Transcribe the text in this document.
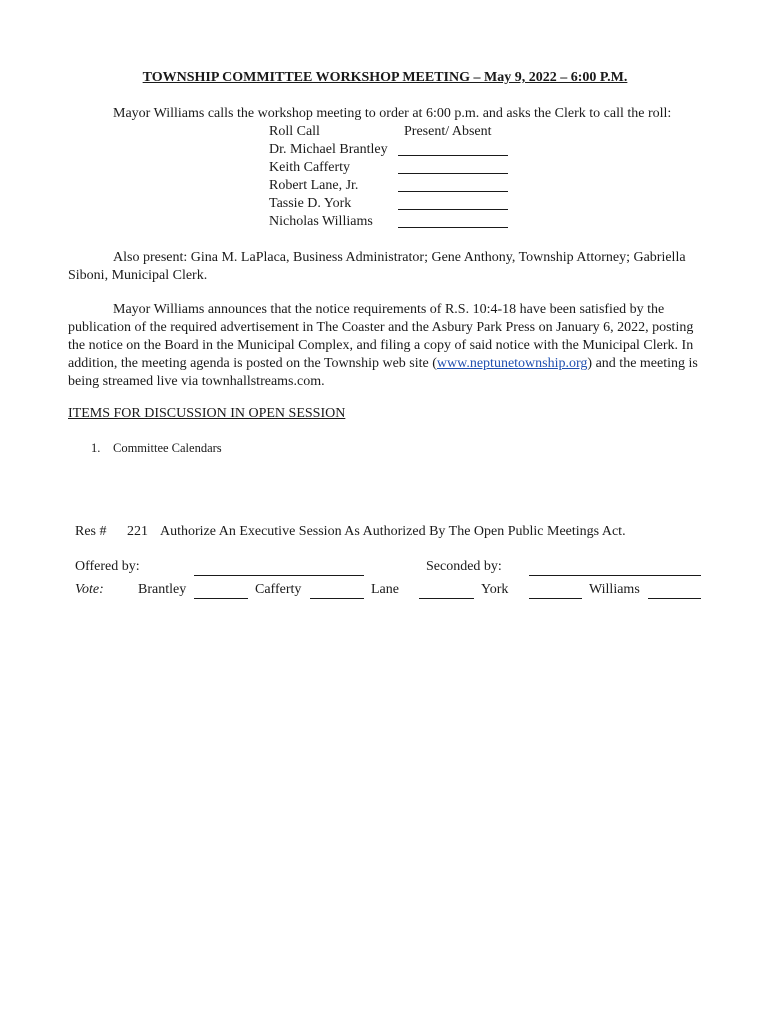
TOWNSHIP COMMITTEE WORKSHOP MEETING – May 9, 2022 – 6:00 P.M.
Mayor Williams calls the workshop meeting to order at 6:00 p.m. and asks the Clerk to call the roll:
Roll Call	Present/ Absent
Dr. Michael Brantley
Keith Cafferty
Robert Lane, Jr.
Tassie D. York
Nicholas Williams
Also present: Gina M. LaPlaca, Business Administrator; Gene Anthony, Township Attorney; Gabriella Siboni, Municipal Clerk.
Mayor Williams announces that the notice requirements of R.S. 10:4-18 have been satisfied by the publication of the required advertisement in The Coaster and the Asbury Park Press on January 6, 2022, posting the notice on the Board in the Municipal Complex, and filing a copy of said notice with the Municipal Clerk. In addition, the meeting agenda is posted on the Township web site (www.neptunetownship.org) and the meeting is being streamed live via townhallstreams.com.
ITEMS FOR DISCUSSION IN OPEN SESSION
1. Committee Calendars
Res # 221 Authorize An Executive Session As Authorized By The Open Public Meetings Act.
Offered by:	Seconded by:
Vote: Brantley	Cafferty	Lane	York	Williams
